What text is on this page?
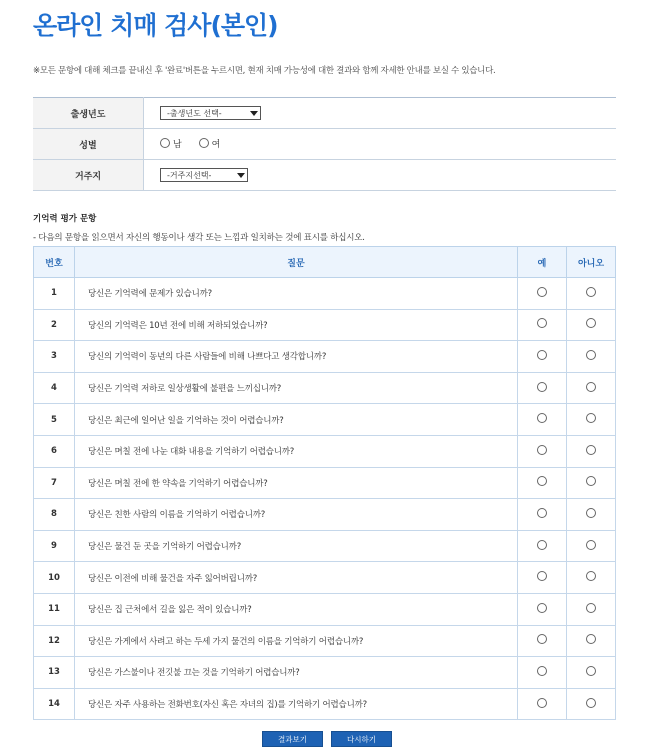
온라인 치매 검사(본인)
※모든 문항에 대해 체크를 끝내신 후 '완료'버튼을 누르시면, 현재 치매 가능성에 대한 결과와 함께 자세한 안내를 보실 수 있습니다.
출생년도	-출생년도 선택-

성별	남
여

거주지	-거주지선택-
기억력 평가 문항
- 다음의 문항을 읽으면서 자신의 행동이나 생각 또는 느낌과 일치하는 것에 표시를 하십시오.
번호	질문	예	아니오
1	당신은 기억력에 문제가 있습니까?		
2	당신의 기억력은 10년 전에 비해 저하되었습니까?		
3	당신의 기억력이 동년의 다른 사람들에 비해 나쁘다고 생각합니까?		
4	당신은 기억력 저하로 일상생활에 불편을 느끼십니까?		
5	당신은 최근에 일어난 일을 기억하는 것이 어렵습니까?		
6	당신은 며칠 전에 나눈 대화 내용을 기억하기 어렵습니까?		
7	당신은 며칠 전에 한 약속을 기억하기 어렵습니까?		
8	당신은 친한 사람의 이름을 기억하기 어렵습니까?		
9	당신은 물건 둔 곳을 기억하기 어렵습니까?		
10	당신은 이전에 비해 물건을 자주 잃어버립니까?		
11	당신은 집 근처에서 길을 잃은 적이 있습니까?		
12	당신은 가게에서 사려고 하는 두세 가지 물건의 이름을 기억하기 어렵습니까?		
13	당신은 가스불이나 전깃불 끄는 것을 기억하기 어렵습니까?		
14	당신은 자주 사용하는 전화번호(자신 혹은 자녀의 집)를 기억하기 어렵습니까?		
결과보기	다시하기
